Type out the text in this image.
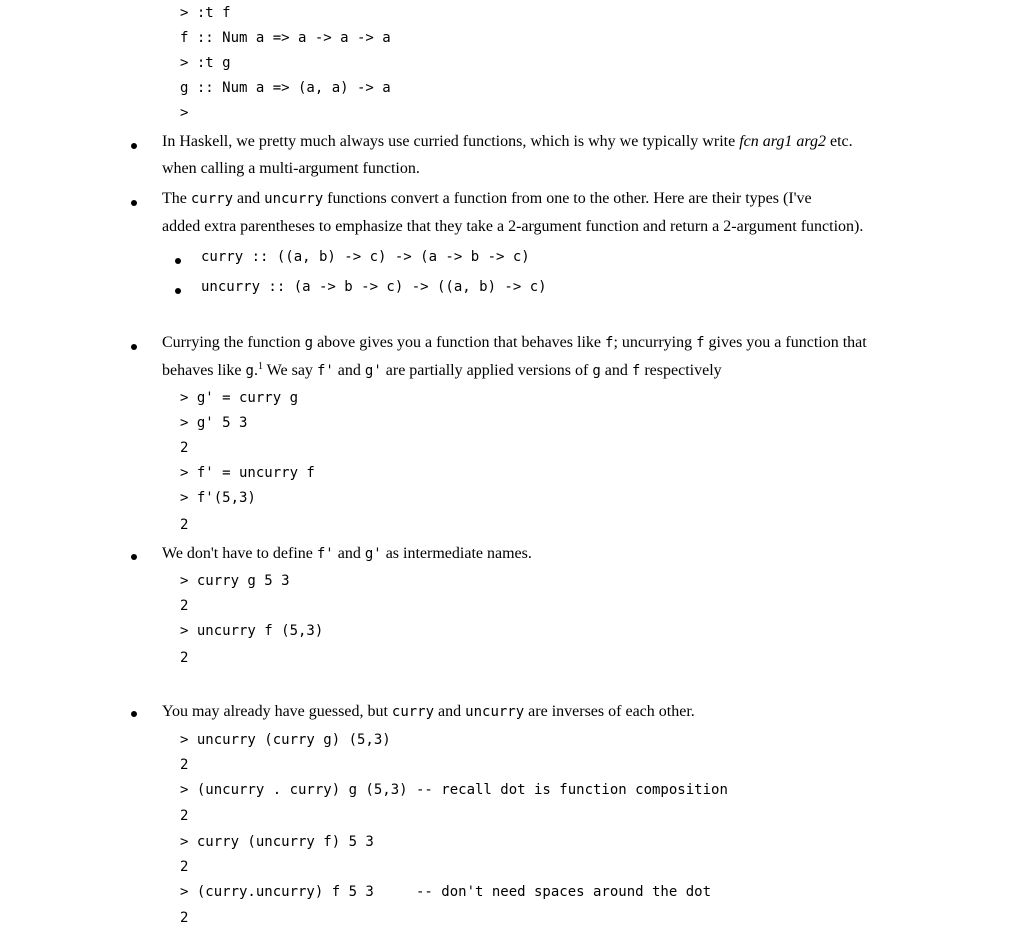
> :t f
f :: Num a => a -> a -> a
> :t g
g :: Num a => (a, a) -> a
>

In Haskell, we pretty much always use curried functions, which is why we typically write fcn arg1 arg2 etc.
when calling a multi-argument function.

The curry and uncurry functions convert a function from one to the other. Here are their types (I've
added extra parentheses to emphasize that they take a 2-argument function and return a 2-argument function).

curry :: ((a, b) -> c) -> (a -> b -> c)
uncurry :: (a -> b -> c) -> ((a, b) -> c)

Currying the function g above gives you a function that behaves like f; uncurrying f gives you a function that
behaves like g.$^1$ We say f' and g' are partially applied versions of g and f respectively

> g' = curry g
> g' 5 3
2
> f' = uncurry f
> f'(5,3)
2

We don't have to define f' and g' as intermediate names.

> curry g 5 3
2
> uncurry f (5,3)
2

You may already have guessed, but curry and uncurry are inverses of each other.

> uncurry (curry g) (5,3)
2
> (uncurry . curry) g (5,3) -- recall dot is function composition
2
> curry (uncurry f) 5 3
2
> (curry.uncurry) f 5 3     -- don't need spaces around the dot
2
